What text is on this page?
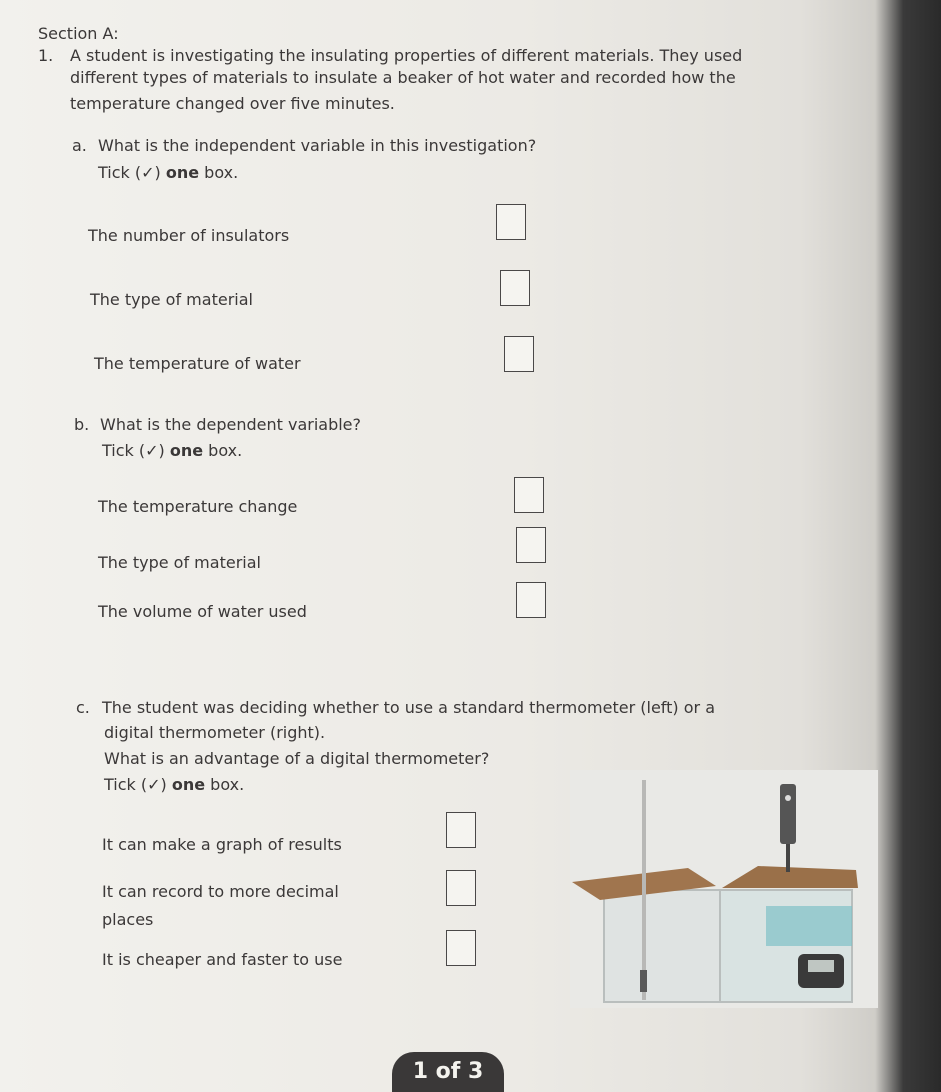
Section A:
1. A student is investigating the insulating properties of different materials. They used
different types of materials to insulate a beaker of hot water and recorded how the
temperature changed over five minutes.
a. What is the independent variable in this investigation?
Tick (✓) one box.
The number of insulators
The type of material
The temperature of water
b. What is the dependent variable?
Tick (✓) one box.
The temperature change
The type of material
The volume of water used
c. The student was deciding whether to use a standard thermometer (left) or a
digital thermometer (right).
What is an advantage of a digital thermometer?
Tick (✓) one box.
It can make a graph of results
It can record to more decimal
places
It is cheaper and faster to use
1 of 3
